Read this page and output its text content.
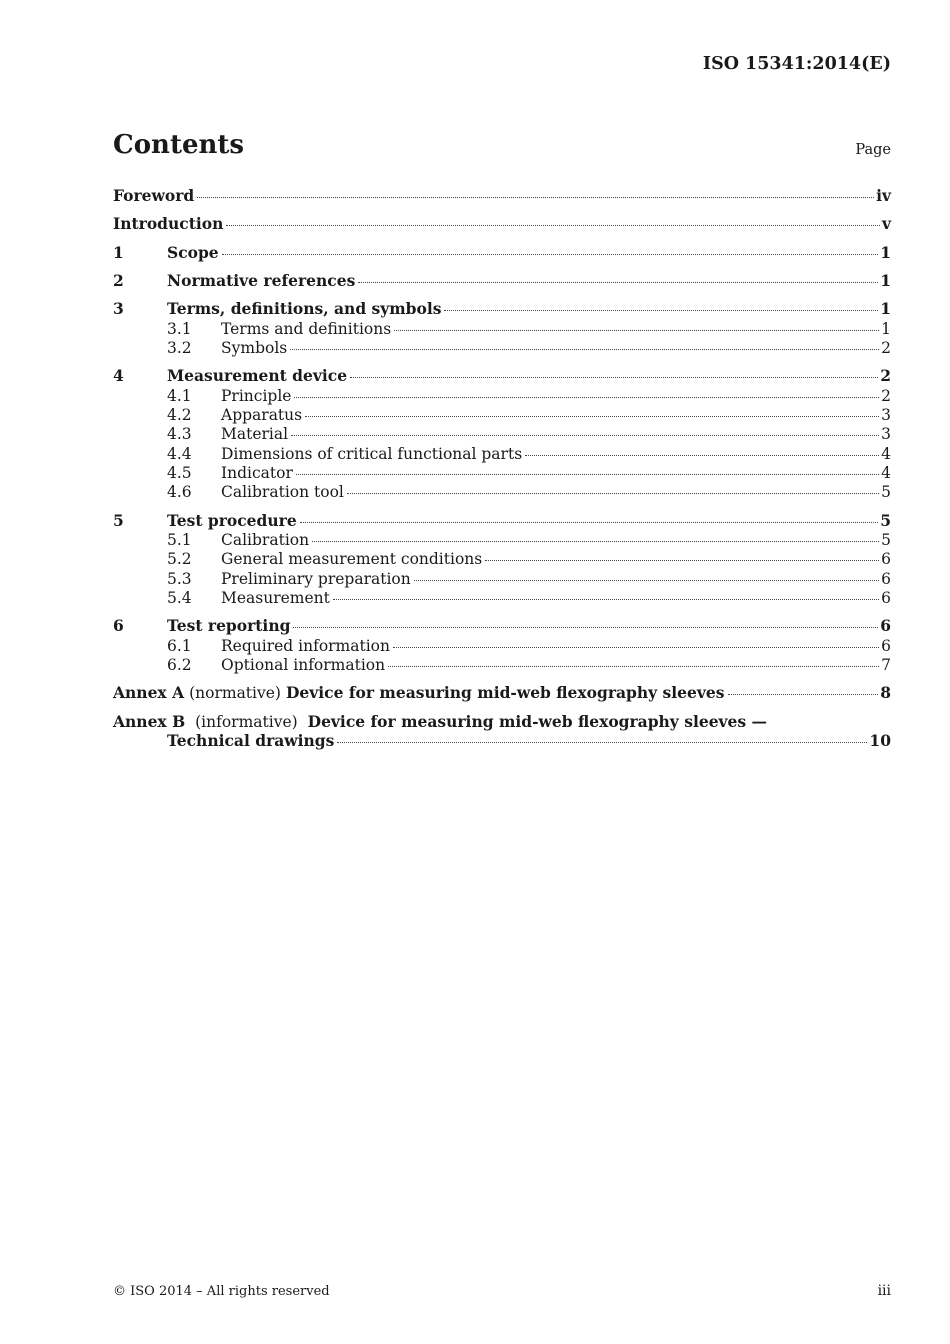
ISO 15341:2014(E)
Contents	Page
Foreword	iv
Introduction	v
1	Scope	1
2	Normative references	1
3	Terms, definitions, and symbols	1
3.1	Terms and definitions	1
3.2	Symbols	2
4	Measurement device	2
4.1	Principle	2
4.2	Apparatus	3
4.3	Material	3
4.4	Dimensions of critical functional parts	4
4.5	Indicator	4
4.6	Calibration tool	5
5	Test procedure	5
5.1	Calibration	5
5.2	General measurement conditions	6
5.3	Preliminary preparation	6
5.4	Measurement	6
6	Test reporting	6
6.1	Required information	6
6.2	Optional information	7
Annex A (normative) Device for measuring mid-web flexography sleeves	8
Annex B (informative) Device for measuring mid-web flexography sleeves —
Technical drawings	10
© ISO 2014 – All rights reserved	iii
